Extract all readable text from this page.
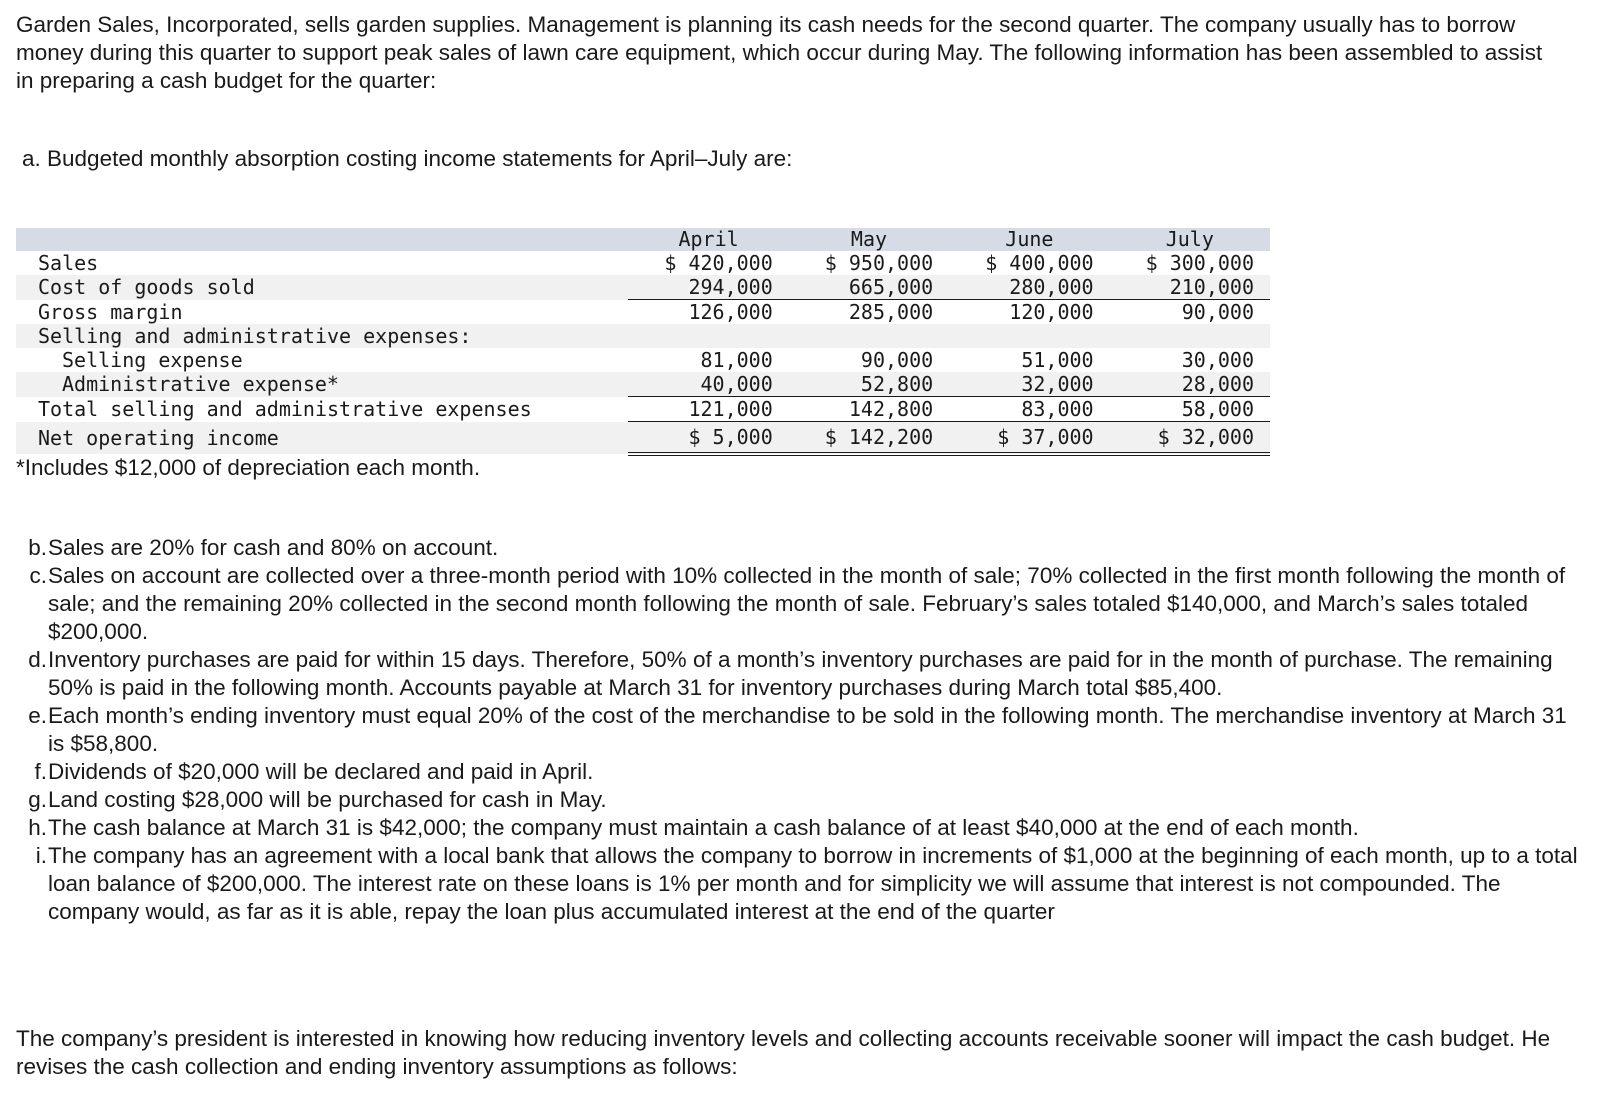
Garden Sales, Incorporated, sells garden supplies. Management is planning its cash needs for the second quarter. The company usually has to borrow money during this quarter to support peak sales of lawn care equipment, which occur during May. The following information has been assembled to assist in preparing a cash budget for the quarter:

a. Budgeted monthly absorption costing income statements for April–July are:

	April	May	June	July
Sales	$ 420,000	$ 950,000	$ 400,000	$ 300,000
Cost of goods sold	294,000	665,000	280,000	210,000
Gross margin	126,000	285,000	120,000	90,000
Selling and administrative expenses:				
Selling expense	81,000	90,000	51,000	30,000
Administrative expense*	40,000	52,800	32,000	28,000
Total selling and administrative expenses	121,000	142,800	83,000	58,000
Net operating income	$ 5,000	$ 142,200	$ 37,000	$ 32,000

*Includes $12,000 of depreciation each month.

b. Sales are 20% for cash and 80% on account.
c. Sales on account are collected over a three-month period with 10% collected in the month of sale; 70% collected in the first month following the month of sale; and the remaining 20% collected in the second month following the month of sale. February’s sales totaled $140,000, and March’s sales totaled $200,000.
d. Inventory purchases are paid for within 15 days. Therefore, 50% of a month’s inventory purchases are paid for in the month of purchase. The remaining 50% is paid in the following month. Accounts payable at March 31 for inventory purchases during March total $85,400.
e. Each month’s ending inventory must equal 20% of the cost of the merchandise to be sold in the following month. The merchandise inventory at March 31 is $58,800.
f. Dividends of $20,000 will be declared and paid in April.
g. Land costing $28,000 will be purchased for cash in May.
h. The cash balance at March 31 is $42,000; the company must maintain a cash balance of at least $40,000 at the end of each month.
i. The company has an agreement with a local bank that allows the company to borrow in increments of $1,000 at the beginning of each month, up to a total loan balance of $200,000. The interest rate on these loans is 1% per month and for simplicity we will assume that interest is not compounded. The company would, as far as it is able, repay the loan plus accumulated interest at the end of the quarter

The company’s president is interested in knowing how reducing inventory levels and collecting accounts receivable sooner will impact the cash budget. He revises the cash collection and ending inventory assumptions as follows:
